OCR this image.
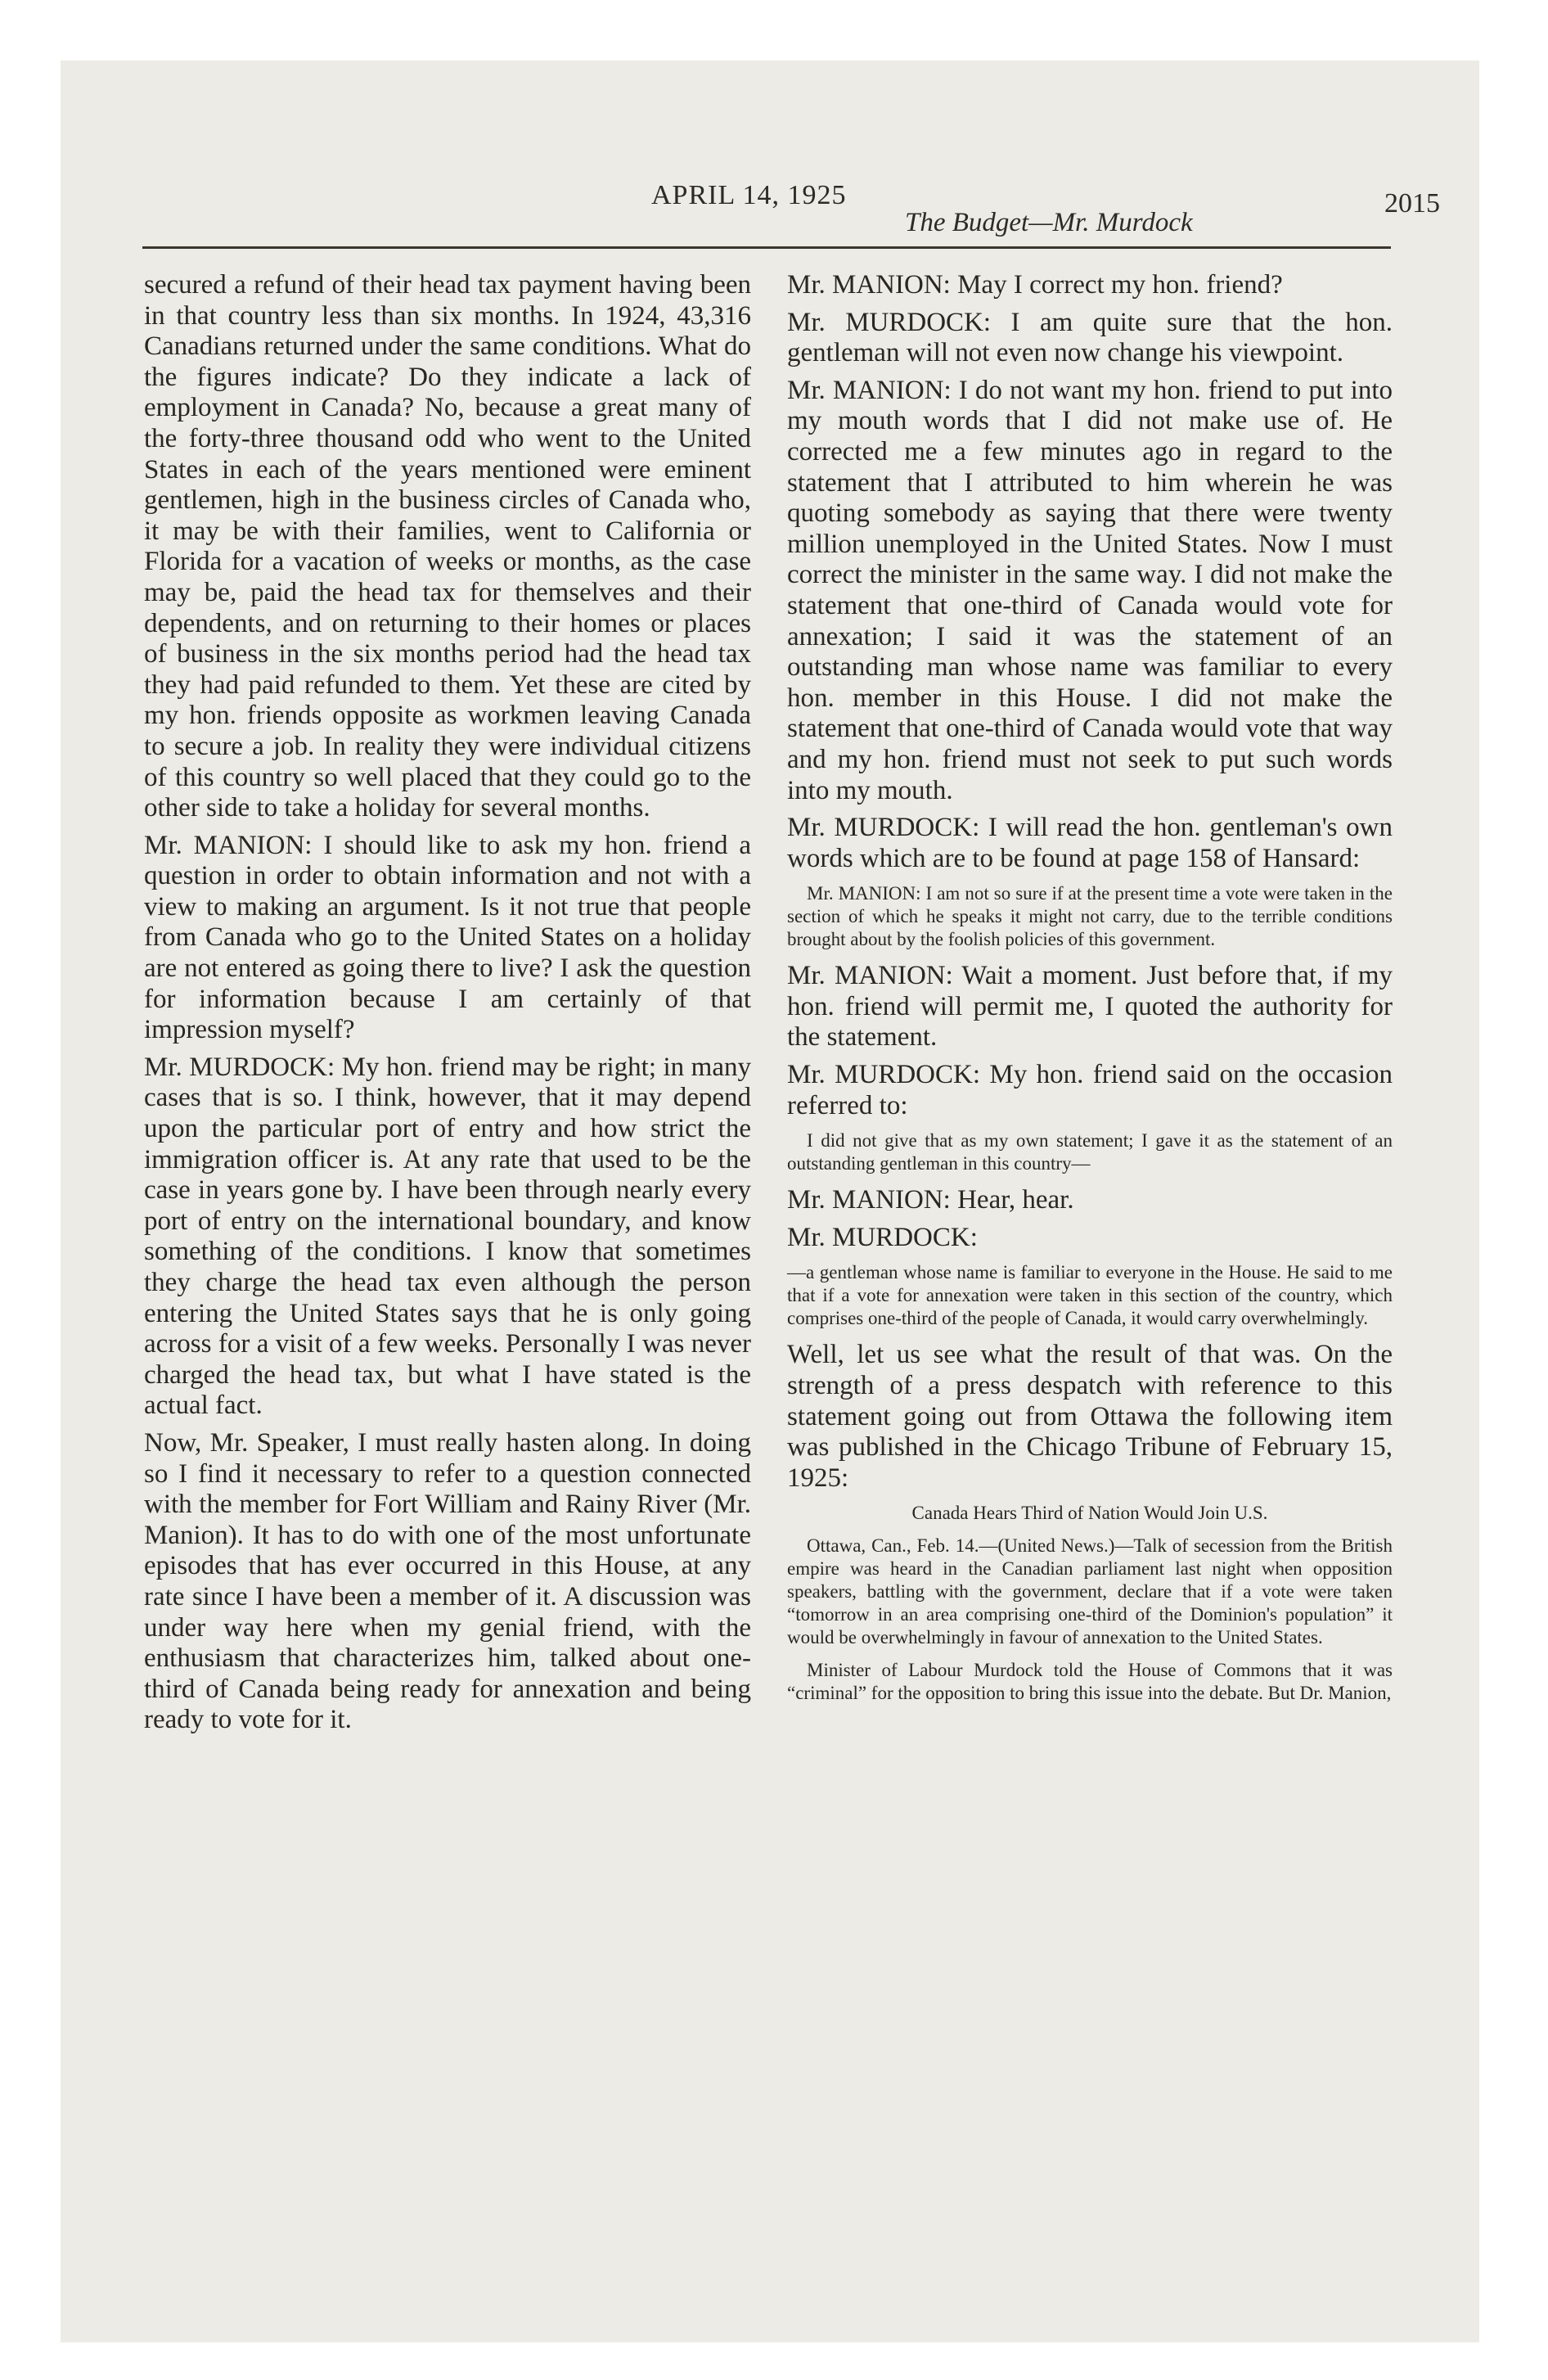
APRIL 14, 1925
The Budget—Mr. Murdock
2015

secured a refund of their head tax payment having been in that country less than six months. In 1924, 43,316 Canadians returned under the same conditions. What do the figures indicate? Do they indicate a lack of employment in Canada? No, because a great many of the forty-three thousand odd who went to the United States in each of the years mentioned were eminent gentlemen, high in the business circles of Canada who, it may be with their families, went to California or Florida for a vacation of weeks or months, as the case may be, paid the head tax for themselves and their dependents, and on returning to their homes or places of business in the six months period had the head tax they had paid refunded to them. Yet these are cited by my hon. friends opposite as workmen leaving Canada to secure a job. In reality they were individual citizens of this country so well placed that they could go to the other side to take a holiday for several months.

Mr. MANION: I should like to ask my hon. friend a question in order to obtain information and not with a view to making an argument. Is it not true that people from Canada who go to the United States on a holiday are not entered as going there to live? I ask the question for information because I am certainly of that impression myself?

Mr. MURDOCK: My hon. friend may be right; in many cases that is so. I think, however, that it may depend upon the particular port of entry and how strict the immigration officer is. At any rate that used to be the case in years gone by. I have been through nearly every port of entry on the international boundary, and know something of the conditions. I know that sometimes they charge the head tax even although the person entering the United States says that he is only going across for a visit of a few weeks. Personally I was never charged the head tax, but what I have stated is the actual fact.

Now, Mr. Speaker, I must really hasten along. In doing so I find it necessary to refer to a question connected with the member for Fort William and Rainy River (Mr. Manion). It has to do with one of the most unfortunate episodes that has ever occurred in this House, at any rate since I have been a member of it. A discussion was under way here when my genial friend, with the enthusiasm that characterizes him, talked about one-third of Canada being ready for annexation and being ready to vote for it.

Mr. MANION: May I correct my hon. friend?

Mr. MURDOCK: I am quite sure that the hon. gentleman will not even now change his viewpoint.

Mr. MANION: I do not want my hon. friend to put into my mouth words that I did not make use of. He corrected me a few minutes ago in regard to the statement that I attributed to him wherein he was quoting somebody as saying that there were twenty million unemployed in the United States. Now I must correct the minister in the same way. I did not make the statement that one-third of Canada would vote for annexation; I said it was the statement of an outstanding man whose name was familiar to every hon. member in this House. I did not make the statement that one-third of Canada would vote that way and my hon. friend must not seek to put such words into my mouth.

Mr. MURDOCK: I will read the hon. gentleman's own words which are to be found at page 158 of Hansard:

Mr. MANION: I am not so sure if at the present time a vote were taken in the section of which he speaks it might not carry, due to the terrible conditions brought about by the foolish policies of this government.

Mr. MANION: Wait a moment. Just before that, if my hon. friend will permit me, I quoted the authority for the statement.

Mr. MURDOCK: My hon. friend said on the occasion referred to:

I did not give that as my own statement; I gave it as the statement of an outstanding gentleman in this country—

Mr. MANION: Hear, hear.

Mr. MURDOCK:

—a gentleman whose name is familiar to everyone in the House. He said to me that if a vote for annexation were taken in this section of the country, which comprises one-third of the people of Canada, it would carry overwhelmingly.

Well, let us see what the result of that was. On the strength of a press despatch with reference to this statement going out from Ottawa the following item was published in the Chicago Tribune of February 15, 1925:

Canada Hears Third of Nation Would Join U.S.

Ottawa, Can., Feb. 14.—(United News.)—Talk of secession from the British empire was heard in the Canadian parliament last night when opposition speakers, battling with the government, declare that if a vote were taken “tomorrow in an area comprising one-third of the Dominion's population” it would be overwhelmingly in favour of annexation to the United States.

Minister of Labour Murdock told the House of Commons that it was “criminal” for the opposition to bring this issue into the debate. But Dr. Manion,
